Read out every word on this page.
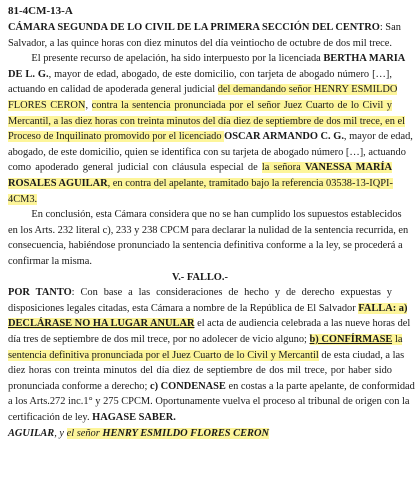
81-4CM-13-A

CÁMARA SEGUNDA DE LO CIVIL DE LA PRIMERA SECCIÓN DEL CENTRO: San

Salvador, a las quince horas con diez minutos del día veintiocho de octubre de dos mil trece.

El presente recurso de apelación, ha sido interpuesto por la licenciada BERTHA MARIA

DE L. G., mayor de edad, abogado, de este domicilio, con tarjeta de abogado número […],

actuando en calidad de apoderada general judicial del demandando señor HENRY ESMILDO

FLORES CERON, contra la sentencia pronunciada por el señor Juez Cuarto de lo Civil y

Mercantil, a las diez horas con treinta minutos del día diez de septiembre de dos mil trece, en el

Proceso de Inquilinato promovido por el licenciado OSCAR ARMANDO C. G., mayor de edad,

abogado, de este domicilio, quien se identifica con su tarjeta de abogado número […], actuando

como apoderado general judicial con cláusula especial de la señora VANESSA MARÍA

ROSALES AGUILAR, en contra del apelante, tramitado bajo la referencia 03538-13-IQPI-

4CM3.

En conclusión, esta Cámara considera que no se han cumplido los supuestos establecidos

en los Arts. 232 literal c), 233 y 238 CPCM para declarar la nulidad de la sentencia recurrida, en

consecuencia, habiéndose pronunciado la sentencia definitiva conforme a la ley, se procederá a

confirmar la misma.

V.- FALLO.-

POR TANTO: Con base a las consideraciones de hecho y de derecho expuestas y

disposiciones legales citadas, esta Cámara a nombre de la República de El Salvador FALLA: a)

DECLÁRASE NO HA LUGAR ANULAR el acta de audiencia celebrada a las nueve horas del

día tres de septiembre de dos mil trece, por no adolecer de vicio alguno; b) CONFÍRMASE la

sentencia definitiva pronunciada por el Juez Cuarto de lo Civil y Mercantil de esta ciudad, a las

diez horas con treinta minutos del día diez de septiembre de dos mil trece, por haber sido

pronunciada conforme a derecho; c) CONDENASE en costas a la parte apelante, de conformidad

a los Arts.272 inc.1° y 275 CPCM. Oportunamente vuelva el proceso al tribunal de origen con la

certificación de ley. HAGASE SABER.

AGUILAR, y el señor HENRY ESMILDO FLORES CERON
